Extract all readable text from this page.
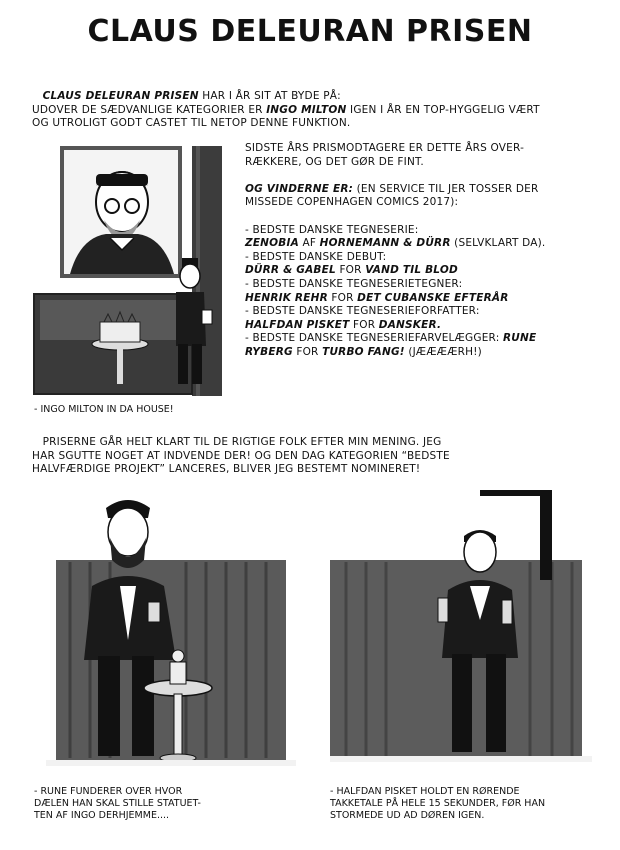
CLAUS DELEURAN PRISEN
CLAUS DELEURAN PRISEN HAR I ÅR SIT AT BYDE PÅ:
UDOVER DE SÆDVANLIGE KATEGORIER ER INGO MILTON IGEN I ÅR EN TOP-HYGGELIG VÆRT
OG UTROLIGT GODT CASTET TIL NETOP DENNE FUNKTION.
- INGO MILTON IN DA HOUSE!
SIDSTE ÅRS PRISMODTAGERE ER DETTE ÅRS OVER-
RÆKKERE, OG DET GØR DE FINT.

OG VINDERNE ER: (EN SERVICE TIL JER TOSSER DER
MISSEDE COPENHAGEN COMICS 2017):

- BEDSTE DANSKE TEGNESERIE:
ZENOBIA AF HORNEMANN & DÜRR (SELVKLART DA).
- BEDSTE DANSKE DEBUT:
DÜRR & GABEL FOR VAND TIL BLOD
- BEDSTE DANSKE TEGNESERIETEGNER:
HENRIK REHR FOR DET CUBANSKE EFTERÅR
- BEDSTE DANSKE TEGNESERIEFORFATTER:
HALFDAN PISKET FOR DANSKER.
- BEDSTE DANSKE TEGNESERIEFARVELÆGGER: RUNE
RYBERG FOR TURBO FANG! (JÆÆÆÆRH!)
PRISERNE GÅR HELT KLART TIL DE RIGTIGE FOLK EFTER MIN MENING. JEG
HAR SGUTTE NOGET AT INDVENDE DER! OG DEN DAG KATEGORIEN “BEDSTE
HALVFÆRDIGE PROJEKT” LANCERES, BLIVER JEG BESTEMT NOMINERET!
- RUNE FUNDERER OVER HVOR
DÆLEN HAN SKAL STILLE STATUET-
TEN AF INGO DERHJEMME....
- HALFDAN PISKET HOLDT EN RØRENDE
TAKKETALE PÅ HELE 15 SEKUNDER, FØR HAN
STORMEDE UD AD DØREN IGEN.
